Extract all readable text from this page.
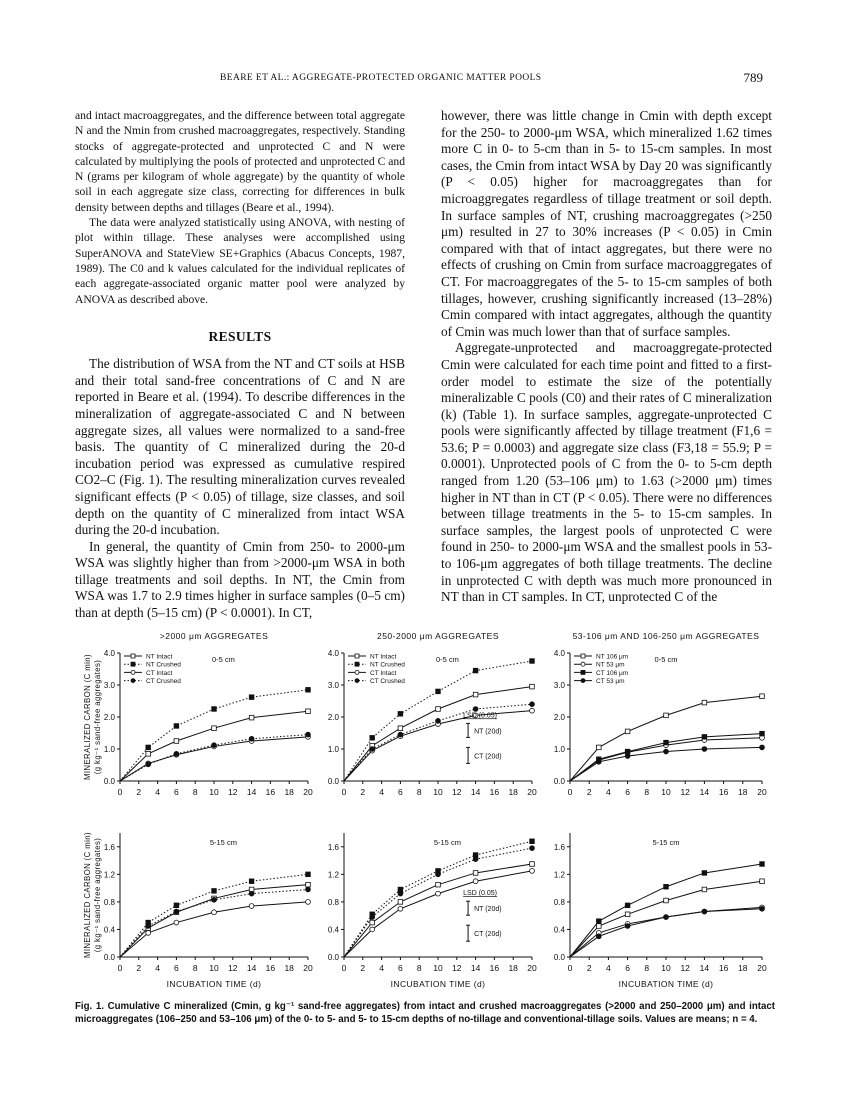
BEARE ET AL.: AGGREGATE-PROTECTED ORGANIC MATTER POOLS	789

and intact macroaggregates, and the difference between total aggregate N and the Nmin from crushed macroaggregates, respectively. Standing stocks of aggregate-protected and unprotected C and N were calculated by multiplying the pools of protected and unprotected C and N (grams per kilogram of whole aggregate) by the quantity of whole soil in each aggregate size class, correcting for differences in bulk density between depths and tillages (Beare et al., 1994).

The data were analyzed statistically using ANOVA, with nesting of plot within tillage. These analyses were accomplished using SuperANOVA and StateView SE+Graphics (Abacus Concepts, 1987, 1989). The C0 and k values calculated for the individual replicates of each aggregate-associated organic matter pool were analyzed by ANOVA as described above.

RESULTS

The distribution of WSA from the NT and CT soils at HSB and their total sand-free concentrations of C and N are reported in Beare et al. (1994). To describe differences in the mineralization of aggregate-associated C and N between aggregate sizes, all values were normalized to a sand-free basis. The quantity of C mineralized during the 20-d incubation period was expressed as cumulative respired CO2–C (Fig. 1). The resulting mineralization curves revealed significant effects (P < 0.05) of tillage, size classes, and soil depth on the quantity of C mineralized from intact WSA during the 20-d incubation.

In general, the quantity of Cmin from 250- to 2000-μm WSA was slightly higher than from >2000-μm WSA in both tillage treatments and soil depths. In NT, the Cmin from WSA was 1.7 to 2.9 times higher in surface samples (0–5 cm) than at depth (5–15 cm) (P < 0.0001). In CT,

however, there was little change in Cmin with depth except for the 250- to 2000-μm WSA, which mineralized 1.62 times more C in 0- to 5-cm than in 5- to 15-cm samples. In most cases, the Cmin from intact WSA by Day 20 was significantly (P < 0.05) higher for macroaggregates than for microaggregates regardless of tillage treatment or soil depth. In surface samples of NT, crushing macroaggregates (>250 μm) resulted in 27 to 30% increases (P < 0.05) in Cmin compared with that of intact aggregates, but there were no effects of crushing on Cmin from surface macroaggregates of CT. For macroaggregates of the 5- to 15-cm samples of both tillages, however, crushing significantly increased (13–28%) Cmin compared with intact aggregates, although the quantity of Cmin was much lower than that of surface samples.

Aggregate-unprotected and macroaggregate-protected Cmin were calculated for each time point and fitted to a first-order model to estimate the size of the potentially mineralizable C pools (C0) and their rates of C mineralization (k) (Table 1). In surface samples, aggregate-unprotected C pools were significantly affected by tillage treatment (F1,6 = 53.6; P = 0.0003) and aggregate size class (F3,18 = 55.9; P = 0.0001). Unprotected pools of C from the 0- to 5-cm depth ranged from 1.20 (53–106 μm) to 1.63 (>2000 μm) times higher in NT than in CT (P < 0.05). There were no differences between tillage treatments in the 5- to 15-cm samples. In surface samples, the largest pools of unprotected C were found in 250- to 2000-μm WSA and the smallest pools in 53- to 106-μm aggregates of both tillage treatments. The decline in unprotected C with depth was much more pronounced in NT than in CT samples. In CT, unprotected C of the

0 2 4 6 8 10 12 14 16 18 20
0.0
1.0
2.0
3.0
4.0
>2000 μm AGGREGATES
0-5 cm
NT Intact
NT Crushed
CT Intact
CT Crushed
0 2 4 6 8 10 12 14 16 18 20
0.0
1.0
2.0
3.0
4.0
250-2000 μm AGGREGATES
0-5 cm
NT Intact
NT Crushed
CT Intact
CT Crushed
0 2 4 6 8 10 12 14 16 18 20
0.0
1.0
2.0
3.0
4.0
53-106 μm AND 106-250 μm AGGREGATES
0-5 cm
NT 106 μm
NT 53 μm
CT 106 μm
CT 53 μm
0 2 4 6 8 10 12 14 16 18 20
0.0
0.4
0.8
1.2
1.6
5-15 cm
INCUBATION TIME (d)
0 2 4 6 8 10 12 14 16 18 20
0.0
0.4
0.8
1.2
1.6
5-15 cm
INCUBATION TIME (d)
0 2 4 6 8 10 12 14 16 18 20
0.0
0.4
0.8
1.2
1.6
5-15 cm
INCUBATION TIME (d)
MINERALIZED CARBON (C min) (g kg⁻¹ sand-free aggregates)
MINERALIZED CARBON (C min) (g kg⁻¹ sand-free aggregates)
LSD (0.05)
NT (20d)
CT (20d)
LSD (0.05)
NT (20d)
CT (20d)
Fig. 1. Cumulative C mineralized (Cmin, g kg⁻¹ sand-free aggregates) from intact and crushed macroaggregates (>2000 and 250–2000 μm) and intact microaggregates (106–250 and 53–106 μm) of the 0- to 5- and 5- to 15-cm depths of no-tillage and conventional-tillage soils. Values are means; n = 4.
